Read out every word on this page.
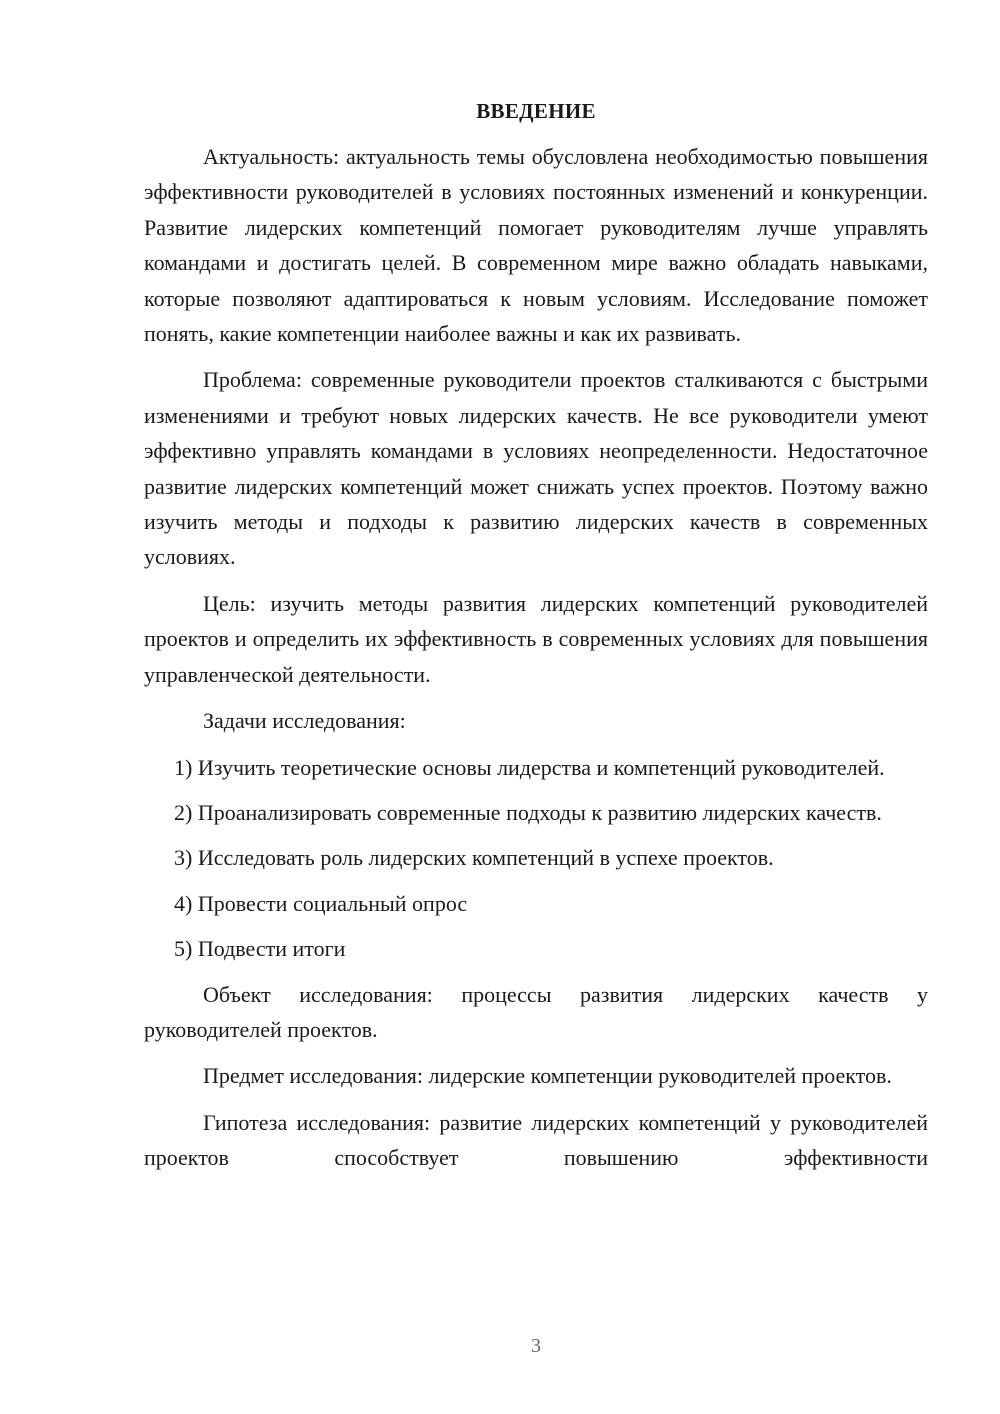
ВВЕДЕНИЕ

Актуальность: актуальность темы обусловлена необходимостью повышения эффективности руководителей в условиях постоянных изменений и конкуренции. Развитие лидерских компетенций помогает руководителям лучше управлять командами и достигать целей. В современном мире важно обладать навыками, которые позволяют адаптироваться к новым условиям. Исследование поможет понять, какие компетенции наиболее важны и как их развивать.

Проблема: современные руководители проектов сталкиваются с быстрыми изменениями и требуют новых лидерских качеств. Не все руководители умеют эффективно управлять командами в условиях неопределенности. Недостаточное развитие лидерских компетенций может снижать успех проектов. Поэтому важно изучить методы и подходы к развитию лидерских качеств в современных условиях.

Цель: изучить методы развития лидерских компетенций руководителей проектов и определить их эффективность в современных условиях для повышения управленческой деятельности.

Задачи исследования:

1) Изучить теоретические основы лидерства и компетенций руководителей.

2) Проанализировать современные подходы к развитию лидерских качеств.

3) Исследовать роль лидерских компетенций в успехе проектов.

4) Провести социальный опрос

5) Подвести итоги

Объект исследования: процессы развития лидерских качеств у руководителей проектов.

Предмет исследования: лидерские компетенции руководителей проектов.

Гипотеза исследования: развитие лидерских компетенций у руководителей проектов способствует повышению эффективности

3
